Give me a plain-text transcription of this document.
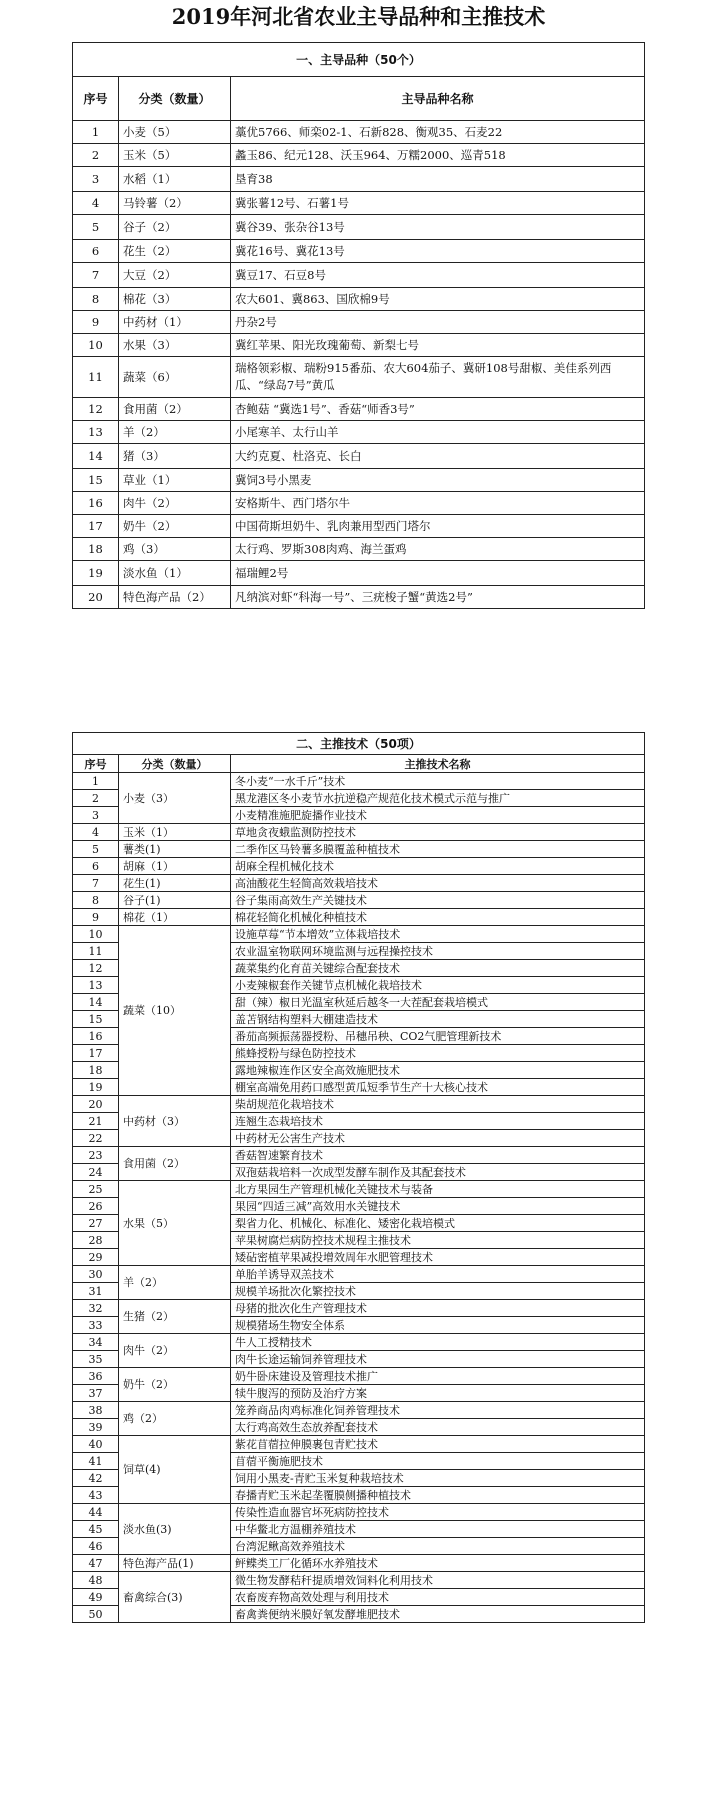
2019年河北省农业主导品种和主推技术
一、主导品种（50个）		
序号	分类（数量）	主导品种名称
1	小麦（5）	藁优5766、师栾02-1、石新828、衡观35、石麦22
2	玉米（5）	蠡玉86、纪元128、沃玉964、万糯2000、巡青518
3	水稻（1）	垦育38
4	马铃薯（2）	冀张薯12号、石薯1号
5	谷子（2）	冀谷39、张杂谷13号
6	花生（2）	冀花16号、冀花13号
7	大豆（2）	冀豆17、石豆8号
8	棉花（3）	农大601、冀863、国欣棉9号
9	中药材（1）	丹杂2号
10	水果（3）	冀红苹果、阳光玫瑰葡萄、新梨七号
11	蔬菜（6）	瑞格领彩椒、瑞粉915番茄、农大604茄子、冀研108号甜椒、美佳系列西瓜、“绿岛7号”黄瓜
12	食用菌（2）	杏鲍菇 “冀选1号”、香菇“师香3号”
13	羊（2）	小尾寒羊、太行山羊
14	猪（3）	大约克夏、杜洛克、长白
15	草业（1）	冀饲3号小黑麦
16	肉牛（2）	安格斯牛、西门塔尔牛
17	奶牛（2）	中国荷斯坦奶牛、乳肉兼用型西门塔尔
18	鸡（3）	太行鸡、罗斯308肉鸡、海兰蛋鸡
19	淡水鱼（1）	福瑞鲤2号
20	特色海产品（2）	凡纳滨对虾“科海一号”、三疣梭子蟹“黄选2号”
二、主推技术（50项）		
序号	分类（数量）	主推技术名称
1	小麦（3）	冬小麦“一水千斤”技术
2		黑龙港区冬小麦节水抗逆稳产规范化技术模式示范与推广
3		小麦精准施肥旋播作业技术
4	玉米（1）	草地贪夜蛾监测防控技术
5	薯类(1)	二季作区马铃薯多膜覆盖种植技术
6	胡麻（1）	胡麻全程机械化技术
7	花生(1)	高油酸花生轻简高效栽培技术
8	谷子(1)	谷子集雨高效生产关键技术
9	棉花（1）	棉花轻简化机械化种植技术
10	蔬菜（10）	设施草莓“节本增效”立体栽培技术
11		农业温室物联网环境监测与远程操控技术
12		蔬菜集约化育苗关键综合配套技术
13		小麦辣椒套作关键节点机械化栽培技术
14		甜（辣）椒日光温室秋延后越冬一大茬配套栽培模式
15		盖苫钢结构塑料大棚建造技术
16		番茄高频振荡器授粉、吊穗吊秧、CO2气肥管理新技术
17		熊蜂授粉与绿色防控技术
18		露地辣椒连作区安全高效施肥技术
19		棚室高端免用药口感型黄瓜短季节生产十大核心技术
20	中药材（3）	柴胡规范化栽培技术
21		连翘生态栽培技术
22		中药材无公害生产技术
23	食用菌（2）	香菇智速繁育技术
24		双孢菇栽培料一次成型发酵车制作及其配套技术
25	水果（5）	北方果园生产管理机械化关键技术与装备
26		果园“四适三减”高效用水关键技术
27		梨省力化、机械化、标准化、矮密化栽培模式
28		苹果树腐烂病防控技术规程主推技术
29		矮砧密植苹果减投增效周年水肥管理技术
30	羊（2）	单胎羊诱导双羔技术
31		规模羊场批次化繁控技术
32	生猪（2）	母猪的批次化生产管理技术
33		规模猪场生物安全体系
34	肉牛（2）	牛人工授精技术
35		肉牛长途运输饲养管理技术
36	奶牛（2）	奶牛卧床建设及管理技术推广
37		犊牛腹泻的预防及治疗方案
38	鸡（2）	笼养商品肉鸡标准化饲养管理技术
39		太行鸡高效生态放养配套技术
40	饲草(4)	紫花苜蓿拉伸膜裹包青贮技术
41		苜蓿平衡施肥技术
42		饲用小黑麦-青贮玉米复种栽培技术
43		春播青贮玉米起垄覆膜侧播种植技术
44	淡水鱼(3)	传染性造血器官坏死病防控技术
45		中华鳖北方温棚养殖技术
46		台湾泥鳅高效养殖技术
47	特色海产品(1)	鲆鲽类工厂化循环水养殖技术
48	畜禽综合(3)	微生物发酵秸秆提质增效饲料化利用技术
49		农畜废弃物高效处理与利用技术
50		畜禽粪便纳米膜好氧发酵堆肥技术
